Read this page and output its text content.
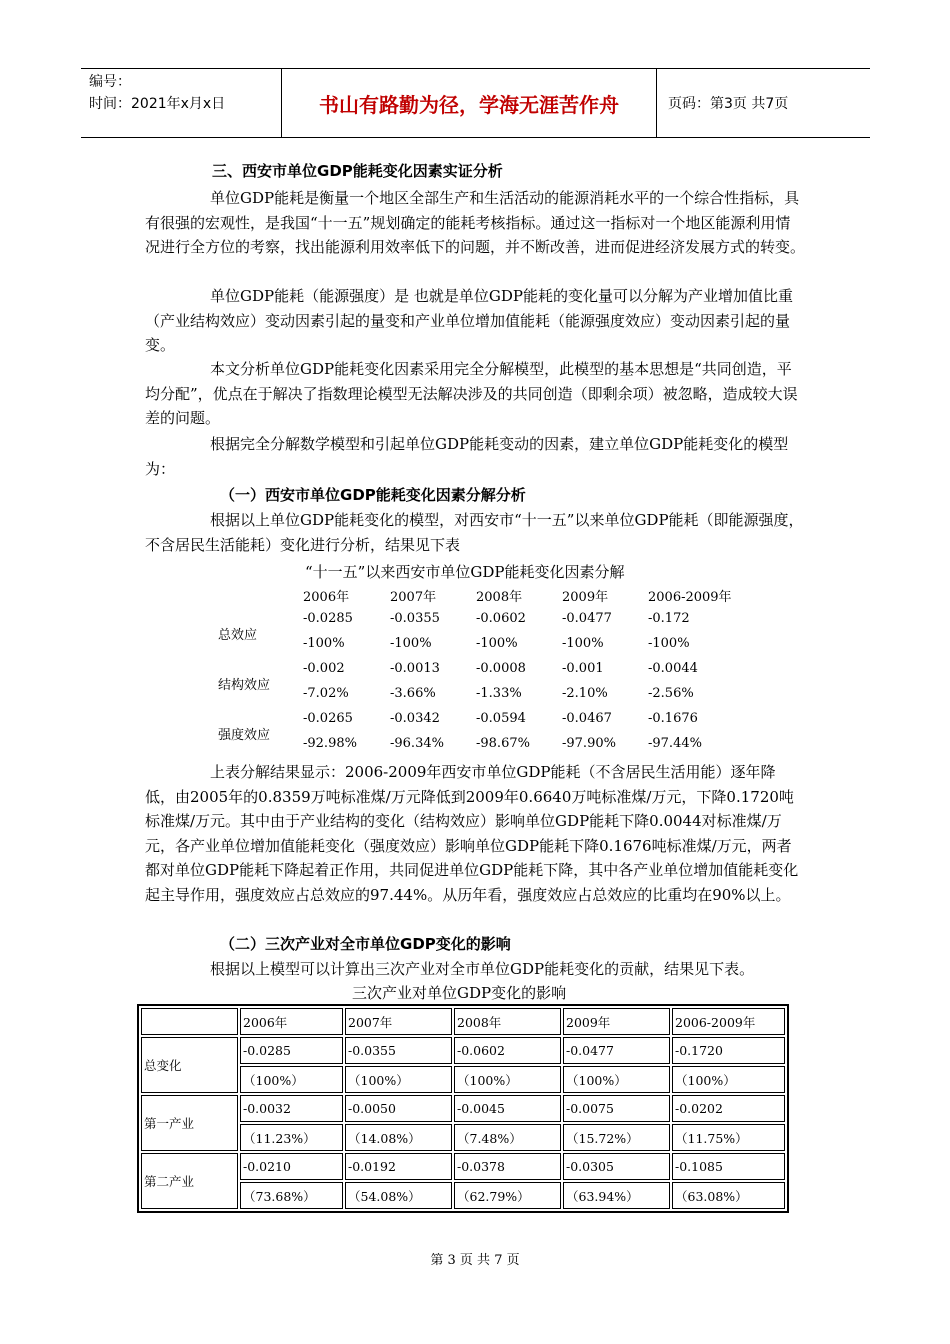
编号：
时间：2021年x月x日	书山有路勤为径，学海无涯苦作舟	页码：第3页 共7页
三、西安市单位GDP能耗变化因素实证分析
单位GDP能耗是衡量一个地区全部生产和生活活动的能源消耗水平的一个综合性指标，具有很强的宏观性，是我国“十一五”规划确定的能耗考核指标。通过这一指标对一个地区能源利用情况进行全方位的考察，找出能源利用效率低下的问题，并不断改善，进而促进经济发展方式的转变。
单位GDP能耗（能源强度）是 也就是单位GDP能耗的变化量可以分解为产业增加值比重（产业结构效应）变动因素引起的量变和产业单位增加值能耗（能源强度效应）变动因素引起的量变。
本文分析单位GDP能耗变化因素采用完全分解模型，此模型的基本思想是“共同创造，平均分配”，优点在于解决了指数理论模型无法解决涉及的共同创造（即剩余项）被忽略，造成较大误差的问题。
根据完全分解数学模型和引起单位GDP能耗变动的因素，建立单位GDP能耗变化的模型为：
（一）西安市单位GDP能耗变化因素分解分析
根据以上单位GDP能耗变化的模型，对西安市“十一五”以来单位GDP能耗（即能源强度，不含居民生活能耗）变化进行分析，结果见下表
“十一五”以来西安市单位GDP能耗变化因素分解
2006年	2007年	2008年	2009年	2006-2009年
总效应
-0.0285	-0.0355	-0.0602	-0.0477	-0.172
-100%	-100%	-100%	-100%	-100%
结构效应
-0.002	-0.0013	-0.0008	-0.001	-0.0044
-7.02%	-3.66%	-1.33%	-2.10%	-2.56%
强度效应
-0.0265	-0.0342	-0.0594	-0.0467	-0.1676
-92.98%	-96.34% -98.67% -97.90% -97.44%
上表分解结果显示：2006-2009年西安市单位GDP能耗（不含居民生活用能）逐年降低，由2005年的0.8359万吨标准煤/万元降低到2009年0.6640万吨标准煤/万元，下降0.1720吨标准煤/万元。其中由于产业结构的变化（结构效应）影响单位GDP能耗下降0.0044对标准煤/万元，各产业单位增加值能耗变化（强度效应）影响单位GDP能耗下降0.1676吨标准煤/万元，两者都对单位GDP能耗下降起着正作用，共同促进单位GDP能耗下降，其中各产业单位增加值能耗变化起主导作用，强度效应占总效应的97.44%。从历年看，强度效应占总效应的比重均在90%以上。
（二）三次产业对全市单位GDP变化的影响
根据以上模型可以计算出三次产业对全市单位GDP能耗变化的贡献，结果见下表。
三次产业对单位GDP变化的影响
	2006年	2007年	2008年	2009年	2006-2009年
总变化	-0.0285	-0.0355	-0.0602	-0.0477	-0.1720
	（100%）	（100%）	（100%）	（100%）	（100%）
第一产业	-0.0032	-0.0050	-0.0045	-0.0075	-0.0202
	（11.23%）	（14.08%）	（7.48%）	（15.72%）	（11.75%）
第二产业	-0.0210	-0.0192	-0.0378	-0.0305	-0.1085
	（73.68%）	（54.08%）	（62.79%）	（63.94%）	（63.08%）
第 3 页 共 7 页
